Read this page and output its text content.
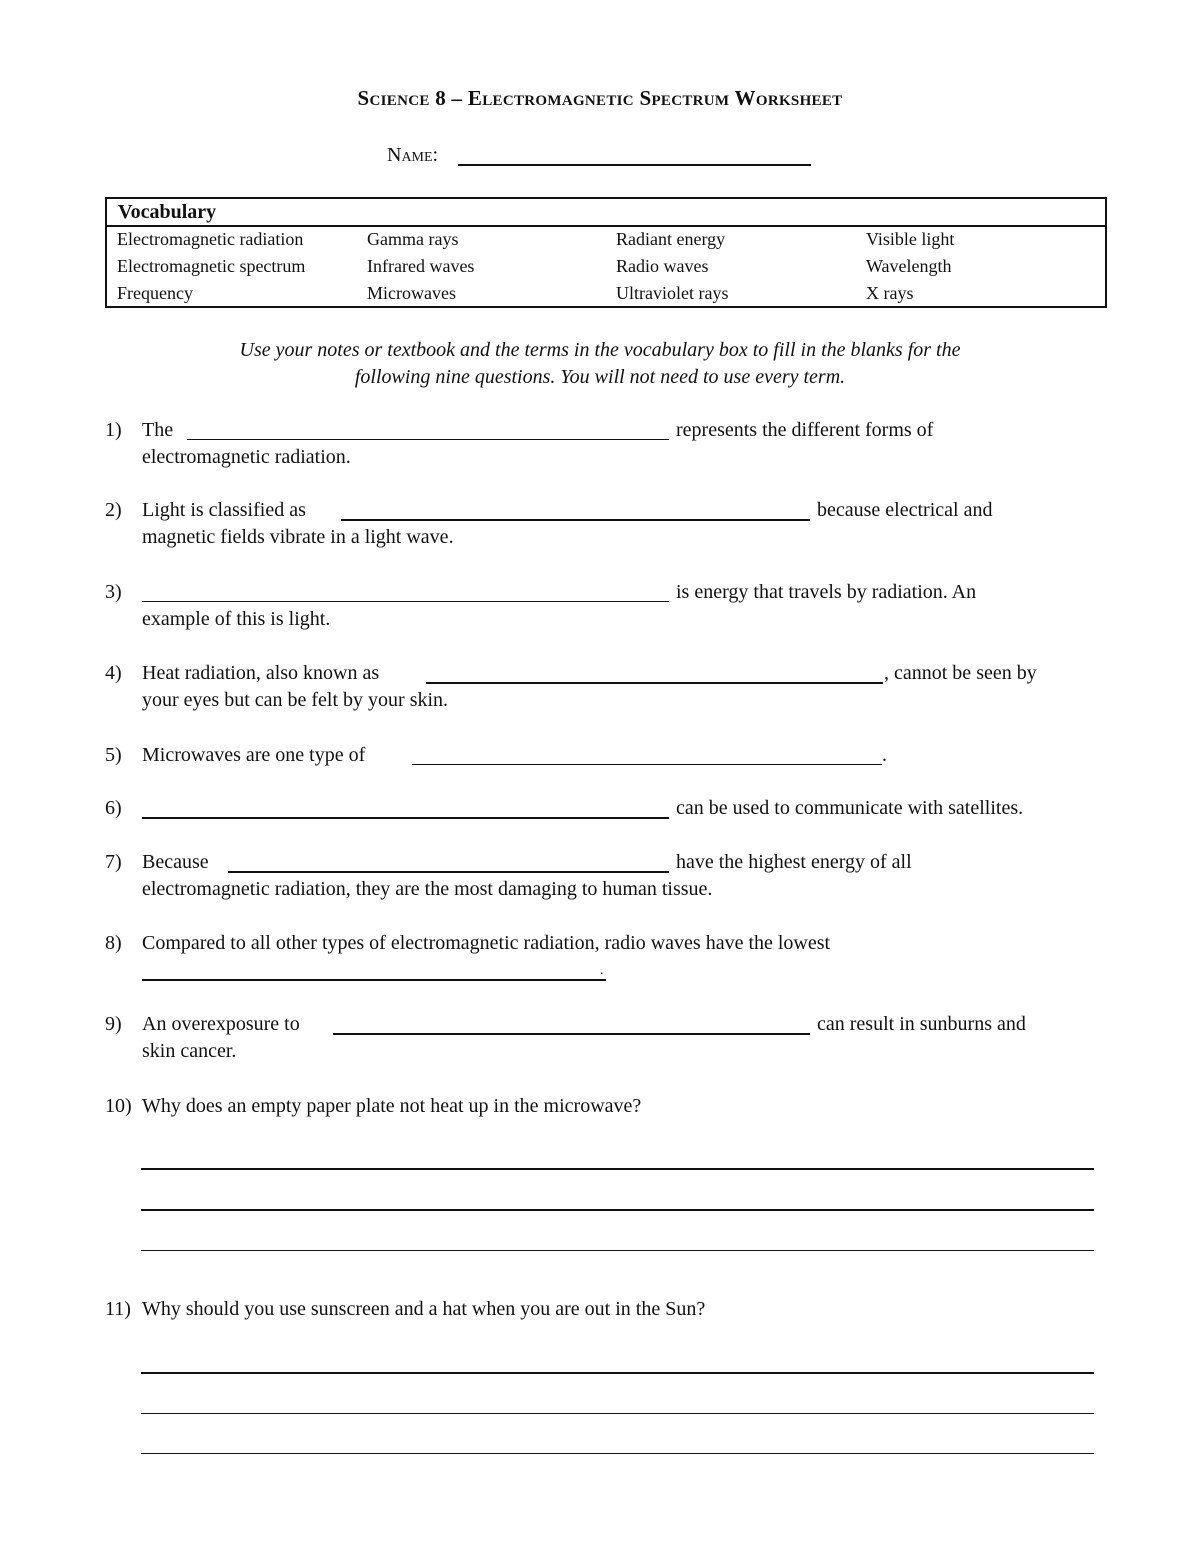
Science 8 – Electromagnetic Spectrum Worksheet
Name:
Vocabulary
Electromagnetic radiation	Gamma rays	Radiant energy	Visible light
Electromagnetic spectrum	Infrared waves	Radio waves	Wavelength
Frequency	Microwaves	Ultraviolet rays	X rays
Use your notes or textbook and the terms in the vocabulary box to fill in the blanks for the
following nine questions. You will not need to use every term.
1) The	represents the different forms of
electromagnetic radiation.
2) Light is classified as	because electrical and
magnetic fields vibrate in a light wave.
3)	is energy that travels by radiation. An
example of this is light.
4) Heat radiation, also known as	, cannot be seen by
your eyes but can be felt by your skin.
5) Microwaves are one type of	.
6)	can be used to communicate with satellites.
7) Because	have the highest energy of all
electromagnetic radiation, they are the most damaging to human tissue.
8) Compared to all other types of electromagnetic radiation, radio waves have the lowest
.
9) An overexposure to	can result in sunburns and
skin cancer.
10) Why does an empty paper plate not heat up in the microwave?
11) Why should you use sunscreen and a hat when you are out in the Sun?
